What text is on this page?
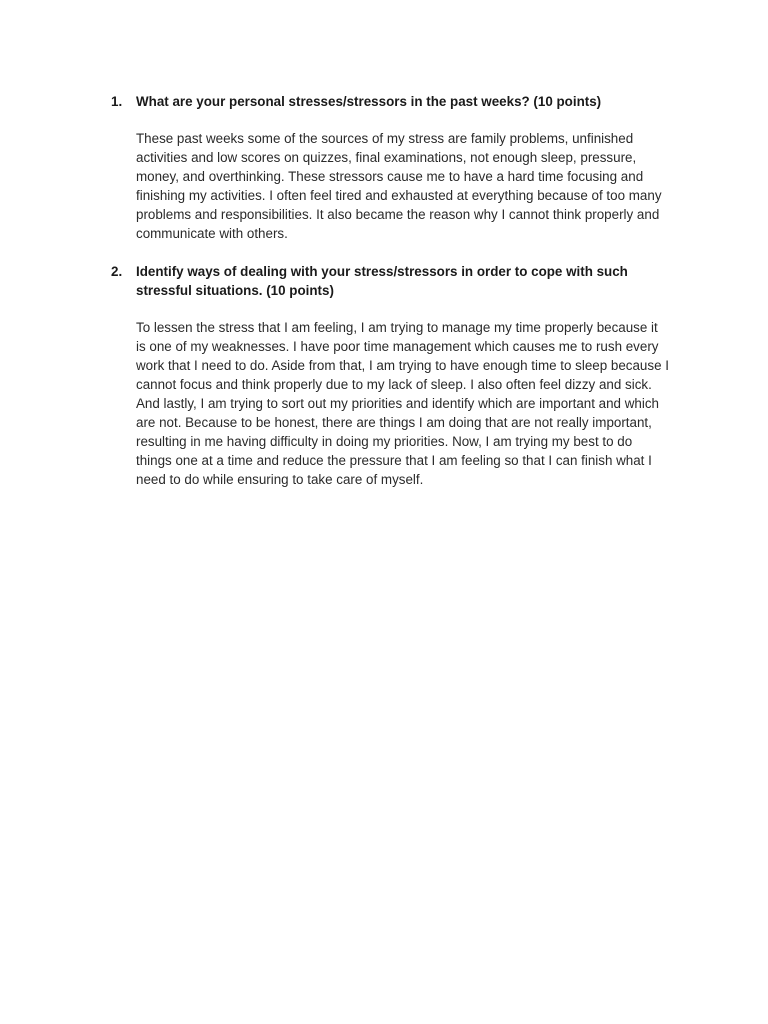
1.	What are your personal stresses/stressors in the past weeks? (10 points)

These past weeks some of the sources of my stress are family problems, unfinished activities and low scores on quizzes, final examinations, not enough sleep, pressure, money, and overthinking. These stressors cause me to have a hard time focusing and finishing my activities. I often feel tired and exhausted at everything because of too many problems and responsibilities. It also became the reason why I cannot think properly and communicate with others.

2.	Identify ways of dealing with your stress/stressors in order to cope with such stressful situations. (10 points)

To lessen the stress that I am feeling, I am trying to manage my time properly because it is one of my weaknesses. I have poor time management which causes me to rush every work that I need to do. Aside from that, I am trying to have enough time to sleep because I cannot focus and think properly due to my lack of sleep. I also often feel dizzy and sick. And lastly, I am trying to sort out my priorities and identify which are important and which are not. Because to be honest, there are things I am doing that are not really important, resulting in me having difficulty in doing my priorities. Now, I am trying my best to do things one at a time and reduce the pressure that I am feeling so that I can finish what I need to do while ensuring to take care of myself.
